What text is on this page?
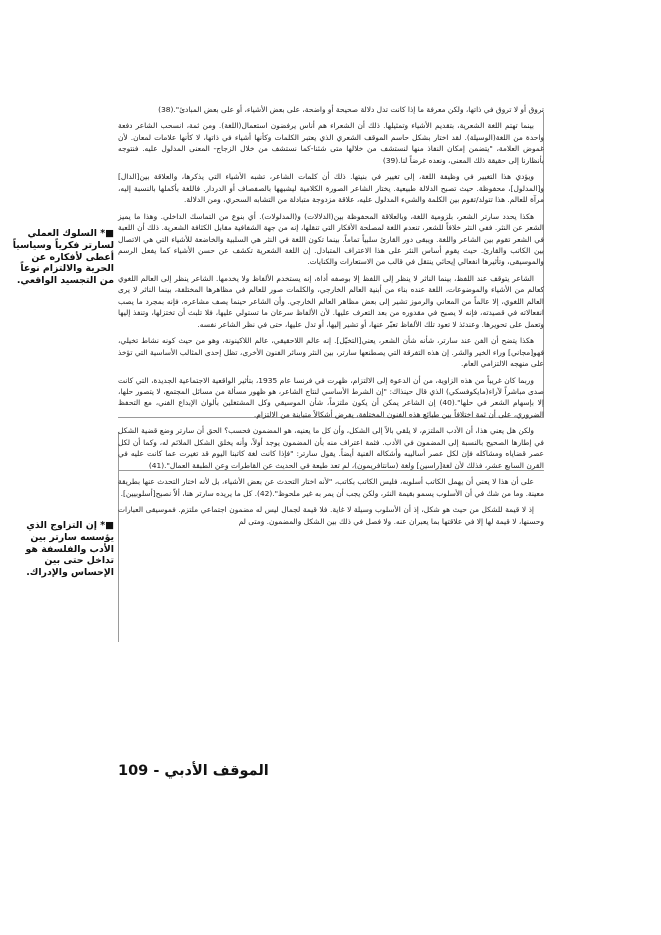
تروق أو لا تروق في ذاتها، ولكن معرفة ما إذا كانت تدل دلالة صحيحة أو واضحة، على بعض الأشياء، أو على بعض المبادئ".(38)

بينما تهتم اللغة الشعرية، بتقديم الأشياء وتمثيلها. ذلك أن الشعراء هم أناس يرفضون استعمال(اللغة). ومن ثمة، انسحب الشاعر دفعة واحدة من اللغة(الوسيلة). لقد اختار بشكل حاسم الموقف الشعري الذي يعتبر الكلمات وكأنها أشياء في ذاتها، لا كأنها علامات لمعان. لأن غموض العلامة، "يتضمن إمكان النفاذ منها لنستشف من خلالها متى شئنا-كما نستشف من خلال الزجاج- المعنى المدلول عليه. فنتوجه بأنظارنا إلى حقيقة ذلك المعنى، ونعده غرضاً لنا.(39)

ويؤدي هذا التغيير في وظيفة اللغة، إلى تغيير في بنيتها. ذلك أن كلمات الشاعر، تشبه الأشياء التي يذكرها، والعلاقة بين[الدال] و[المدلول]، محفوظة. حيث تصبح الدلالة طبيعية. يختار الشاعر الصورة الكلامية ليشبهها بالصفصاف أو الدردار. فاللغة بأكملها بالنسبة إليه، مرآة للعالم. هذا تتولد/تقوم بين الكلمة والشيء المدلول عليه، علاقة مزدوجة متبادلة من التشابه السحري، ومن الدلالة.

هكذا يحدد سارتر الشعر، بلزومية اللغة، وبالعلاقة المحفوظة بين(الدلالات) و(المدلولات). أي بنوع من التماسك الداخلي. وهذا ما يميز الشعر عن النثر. ففي النثر خلافاً للشعر، تنعدم اللغة لمصلحة الأفكار التي تنقلها، إنه من جهة الشفافية مقابل الكثافة الشعرية. ذلك أن اللعبة في الشعر تقوم بين الشاعر واللغة. ويبقى دور القارئ سلبياً تماماً. بينما تكون اللغة في النثر هي السلبية والخاضعة للأشياء التي هي الاتصال بين الكاتب والقارئ. حيث يقوم أساس النثر على هذا الاعتراف المتبادل. إن اللغة الشعرية تكشف عن حسن الأشياء كما يفعل الرسم والموسيقى، وتأثيرها انفعالي إيحائي ينتقل في قالب من الاستعارات والكنايات.

الشاعر يتوقف عند اللفظ، بينما الناثر لا ينظر إلى اللفظ إلا بوصفه أداة، إنه يستخدم الألفاظ ولا يخدمها. الشاعر ينظر إلى العالم اللغوي كعالم من الأشياء والموضوعات، اللغة عنده بناء من أبنية العالم الخارجي، والكلمات صور للعالم في مظاهرها المختلفة، بينما الناثر لا يرى العالم اللغوي، إلا عالماً من المعاني والرموز تشير إلى بعض مظاهر العالم الخارجي. وأن الشاعر حينما يصف مشاعره، فإنه بمجرد ما يصب انفعالاته في قصيدته، فإنه لا يصبح في مقدوره من بعد التعرف عليها. لأن الألفاظ سرعان ما تستولي عليها، فلا تلبث أن تختزلها، وتنفذ إليها وتعمل على تحويرها. وعندئذ لا تعود تلك الألفاظ تعبّر عنها، أو تشير إليها، أو تدل عليها، حتى في نظر الشاعر نفسه.

هكذا يتضح أن الفن عند سارتر، شأنه شأن الشعر، يعني[التخيّل]. إنه عالم اللاحقيقي، عالم اللاكينونة، وهو من حيث كونه نشاط تخيلي، فهو[مجاني] وراء الخير والشر. إن هذه التفرقة التي يصطنعها سارتر، بين النثر وسائر الفنون الأخرى، تظل إحدى المثالب الأساسية التي تؤخذ على منهجه الالتزامي العام.

وربما كان غريباً من هذه الزاوية، من أن الدعوة إلى الالتزام، ظهرت في فرنسا عام 1935، بتأثير الواقعية الاجتماعية الجديدة، التي كانت صدى مباشراً لآراء(مايكوفسكي) الذي قال حينذاك: "إن الشرط الأساسي لنتاج الشاعر، هو ظهور مسألة من مسائل المجتمع، لا يتصور حلها، إلا بإسهام الشعر في حلها".(40) إن الشاعر يمكن أن يكون ملتزماً، شأن الموسيقي وكل المشتغلين بألوان الإبداع الفني، مع التحفظ الضروري، على أن ثمة اختلافاً بين طبائع هذه الفنون المختلفة، يفرض أشكالاً متباينة من الالتزام.

ولكن هل يعني هذا، أن الأدب الملتزم، لا يلقي بالاً إلى الشكل، وأن كل ما يعنيه، هو المضمون فحسب؟ الحق أن سارتر وضع قضية الشكل في إطارها الصحيح بالنسبة إلى المضمون في الأدب. فثمة اعتراف منه بأن المضمون يوجد أولاً، وأنه يخلق الشكل الملائم له، وكما أن لكل عصر قضاياه ومشاكله فإن لكل عصر أساليبه وأشكاله الفنية أيضاً. يقول سارتر: "فإذا كانت لغة كاتبنا اليوم قد تغيرت عما كانت عليه في القرن السابع عشر، فذلك لأن لغة[راسين] ولغة (سانتافريمون)، لم تعد طيعة في الحديث عن القاطرات وعن الطبقة العمال".(41)

على أن هذا لا يعني أن يهمل الكاتب أسلوبه، فليس الكاتب بكاتب، "لأنه اختار التحدث عن بعض الأشياء، بل لأنه اختار التحدث عنها بطريقة معينة. وما من شك في أن الأسلوب يسمو بقيمة النثر، ولكن يجب أن يمر به غير ملحوظ".(42). كل ما يريده سارتر هنا، ألاّ نصبح[أسلوبيين].

إذ لا قيمة للشكل من حيث هو شكل، إذ أن الأسلوب وسيلة لا غاية. فلا قيمة لجمال ليس له مضمون اجتماعي ملتزم. فموسيقى العبارات وحسنها، لا قيمة لها إلا في علاقتها بما يعبران عنه. ولا فصل في ذلك بين الشكل والمضمون. ومتى لم

■* السلوك العملي لسارتر فكرياً وسياسياً أعطى لأفكاره عن الحرية والالتزام نوعاً من التجسيد الواقعي.
■* إن التزاوج الذي يؤسسه سارتر بين الأدب والفلسفة هو تداخل حتى بين الإحساس والإدراك.
الموقف الأدبي - 109
